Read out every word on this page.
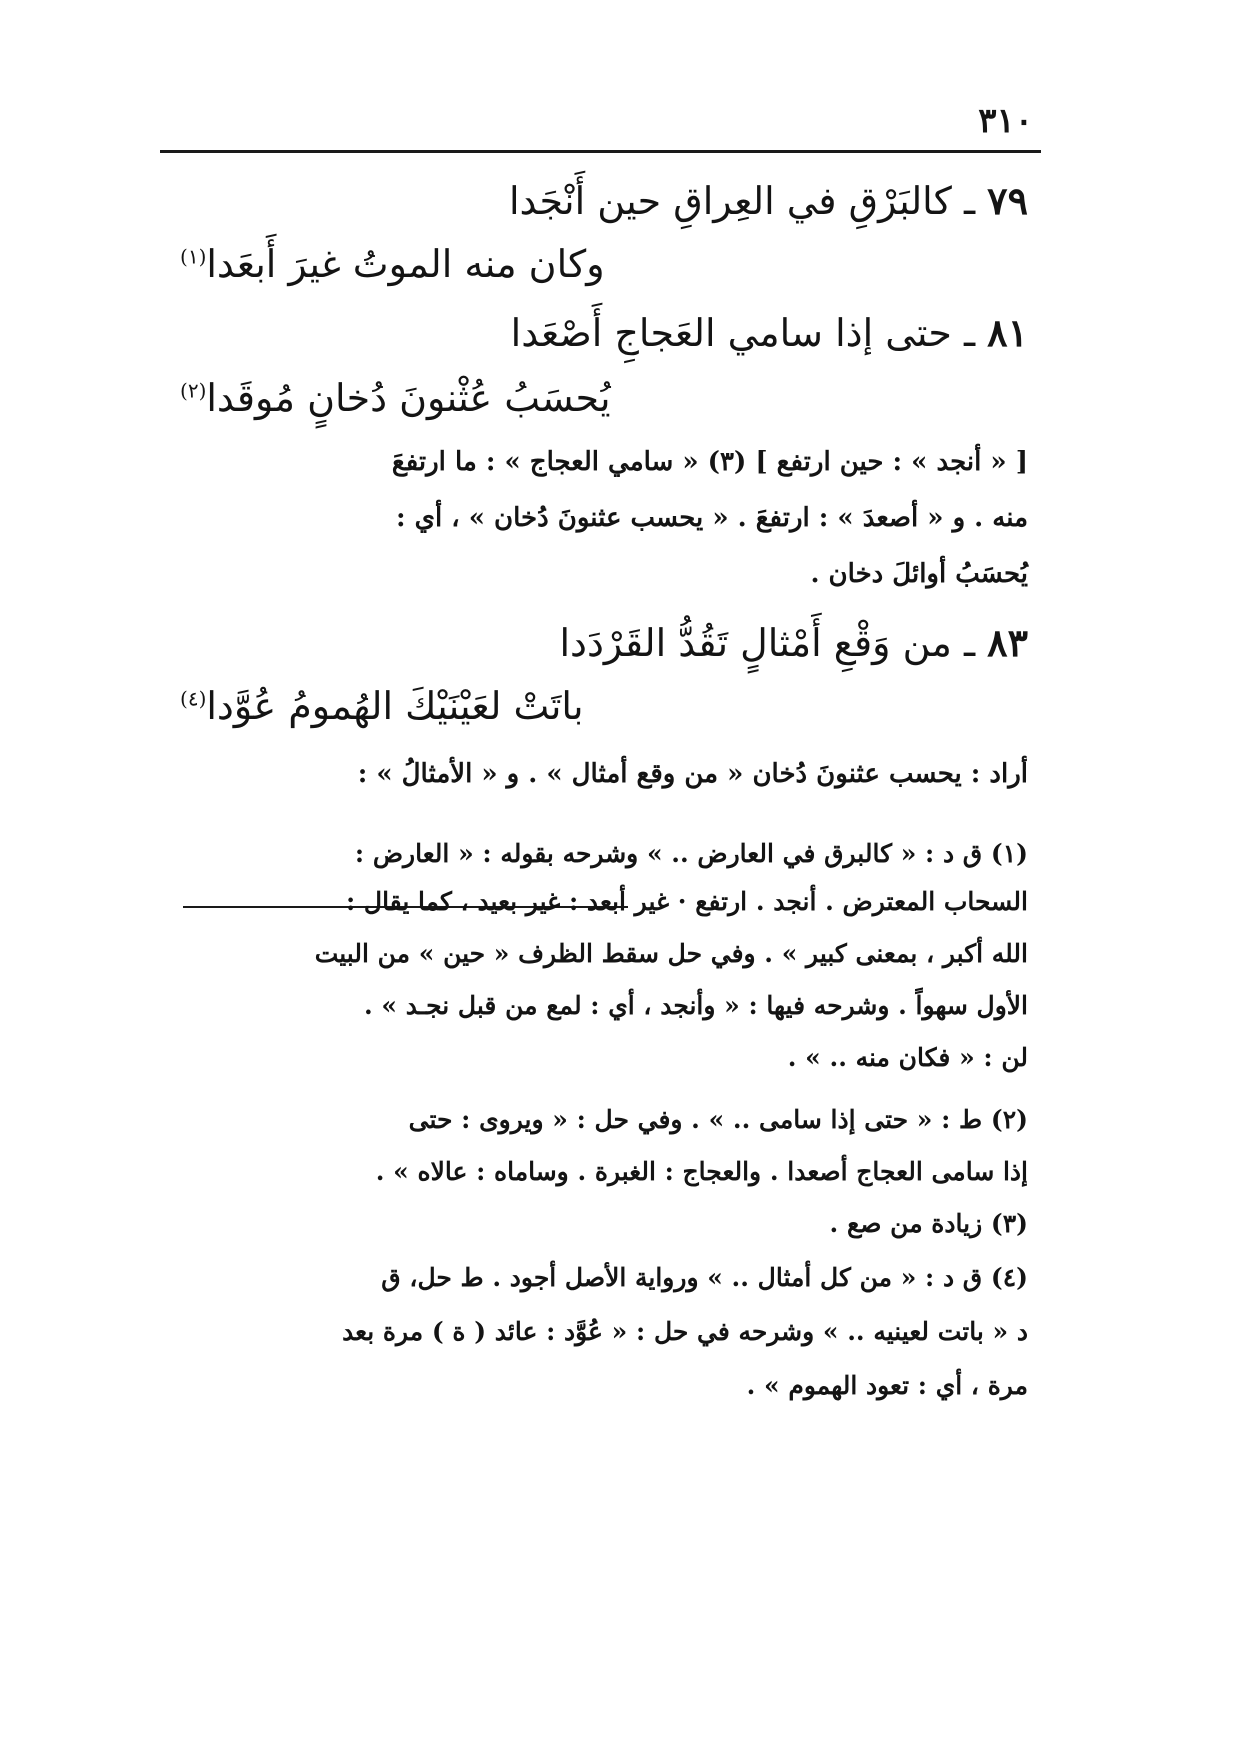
٣١٠
٧٩ ـ كالبَرْقِ في العِراقِ حين أَنْجَدا
وكان منه الموتُ غيرَ أَبعَدا$^{(١)}$
٨١ ـ حتى إذا سامي العَجاجِ أَصْعَدا
يُحسَبُ عُثْنونَ دُخانٍ مُوقَدا$^{(٢)}$
[ « أنجد » : حين ارتفع ] (٣) « سامي العجاج » : ما ارتفعَ
منه . و « أصعدَ » : ارتفعَ . « يحسب عثنونَ دُخان » ، أي :
يُحسَبُ أوائلَ دخان .
٨٣ ـ من وَقْعِ أَمْثالٍ تَقُدُّ القَرْدَدا
باتَتْ لعَيْنَيْكَ الهُمومُ عُوَّدا$^{(٤)}$
أراد : يحسب عثنونَ دُخان « من وقع أمثال » . و « الأمثالُ » :
(١) ق د : « كالبرق في العارض .. » وشرحه بقوله : « العارض :
السحاب المعترض . أنجد . ارتفع · غير أبعد : غير بعيد ، كما يقال :
الله أكبر ، بمعنى كبير » . وفي حل سقط الظرف « حين » من البيت
الأول سهواً . وشرحه فيها : « وأنجد ، أي : لمع من قبل نجـد » .
لن : « فكان منه .. » .
(٢) ط : « حتى إذا سامى .. » . وفي حل : « ويروى : حتى
إذا سامى العجاج أصعدا . والعجاج : الغبرة . وساماه : عالاه » .
(٣) زيادة من صع .
(٤) ق د : « من كل أمثال .. » ورواية الأصل أجود . ط حل، ق
د « باتت لعينيه .. » وشرحه في حل : « عُوَّد : عائد ( ة ) مرة بعد
مرة ، أي : تعود الهموم » .
